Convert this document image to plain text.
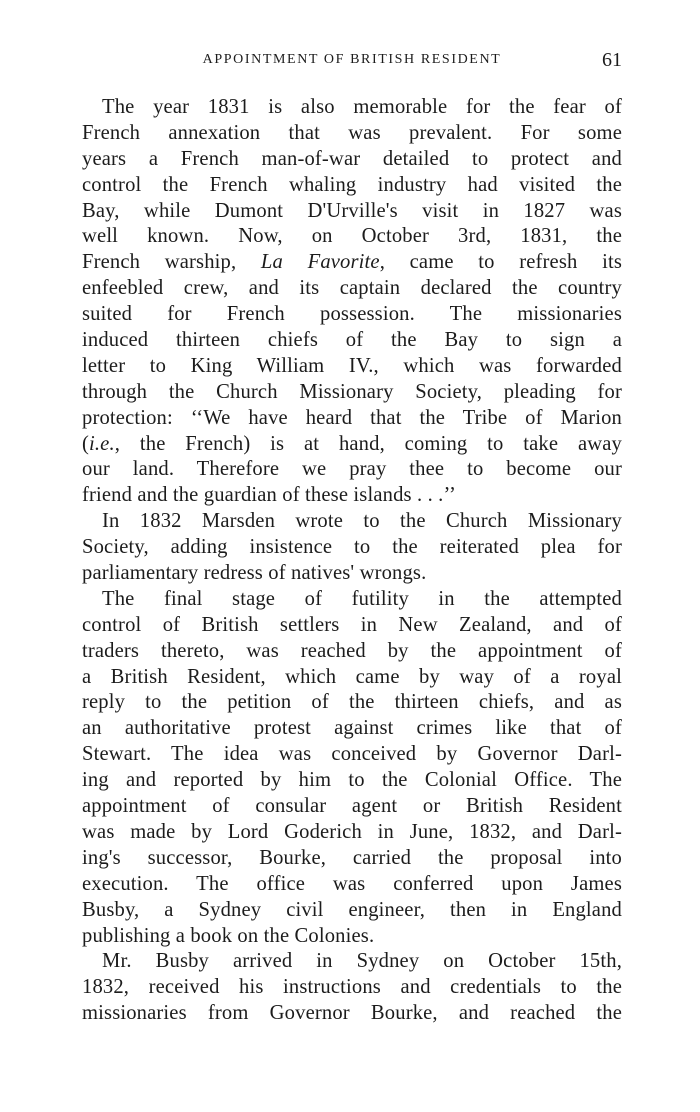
APPOINTMENT OF BRITISH RESIDENT	61
The year 1831 is also memorable for the fear of
French annexation that was prevalent. For some
years a French man-of-war detailed to protect and
control the French whaling industry had visited the
Bay, while Dumont D'Urville's visit in 1827 was
well known. Now, on October 3rd, 1831, the
French warship, La Favorite, came to refresh its
enfeebled crew, and its captain declared the country
suited for French possession. The missionaries
induced thirteen chiefs of the Bay to sign a
letter to King William IV., which was forwarded
through the Church Missionary Society, pleading for
protection: ‘‘We have heard that the Tribe of Marion
(i.e., the French) is at hand, coming to take away
our land. Therefore we pray thee to become our
friend and the guardian of these islands . . .’’
In 1832 Marsden wrote to the Church Missionary
Society, adding insistence to the reiterated plea for
parliamentary redress of natives' wrongs.
The final stage of futility in the attempted
control of British settlers in New Zealand, and of
traders thereto, was reached by the appointment of
a British Resident, which came by way of a royal
reply to the petition of the thirteen chiefs, and as
an authoritative protest against crimes like that of
Stewart. The idea was conceived by Governor Darl-
ing and reported by him to the Colonial Office. The
appointment of consular agent or British Resident
was made by Lord Goderich in June, 1832, and Darl-
ing's successor, Bourke, carried the proposal into
execution. The office was conferred upon James
Busby, a Sydney civil engineer, then in England
publishing a book on the Colonies.
Mr. Busby arrived in Sydney on October 15th,
1832, received his instructions and credentials to the
missionaries from Governor Bourke, and reached the
